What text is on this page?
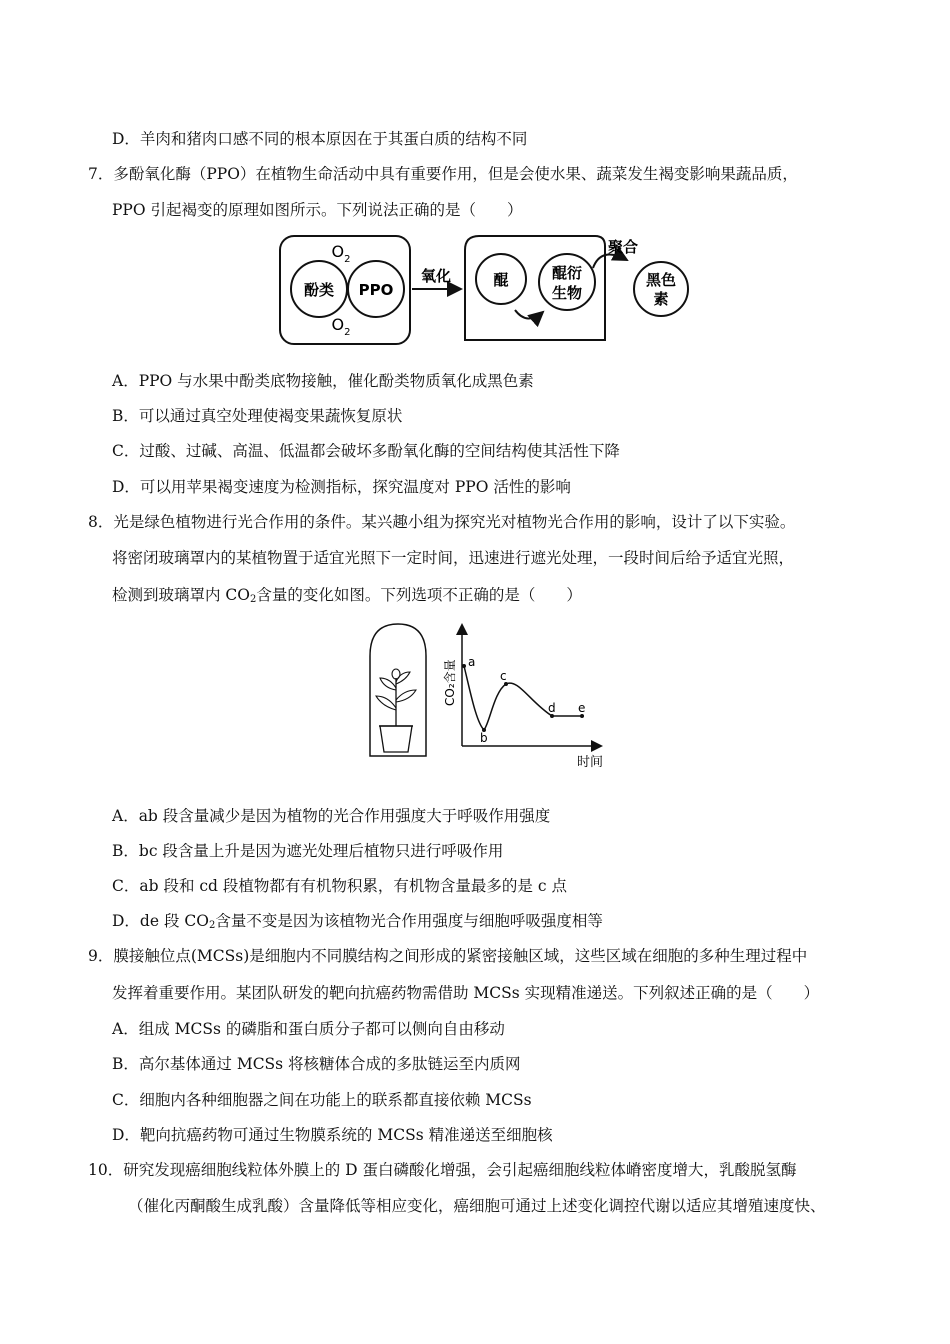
D．羊肉和猪肉口感不同的根本原因在于其蛋白质的结构不同
7．多酚氧化酶（PPO）在植物生命活动中具有重要作用，但是会使水果、蔬菜发生褐变影响果蔬品质，
PPO 引起褐变的原理如图所示。下列说法正确的是（　　）
酚类 PPO
$O_2$
$O_2$
氧化	醌	醌衍
生物
聚合
黑色
素
A．PPO 与水果中酚类底物接触，催化酚类物质氧化成黑色素
B．可以通过真空处理使褐变果蔬恢复原状
C．过酸、过碱、高温、低温都会破坏多酚氧化酶的空间结构使其活性下降
D．可以用苹果褐变速度为检测指标，探究温度对 PPO 活性的影响
8．光是绿色植物进行光合作用的条件。某兴趣小组为探究光对植物光合作用的影响，设计了以下实验。
将密闭玻璃罩内的某植物置于适宜光照下一定时间，迅速进行遮光处理，一段时间后给予适宜光照，
检测到玻璃罩内 $CO_2$含量的变化如图。下列选项不正确的是（　　）
CO₂含量
时间
a
b
c
d e
A．ab 段含量减少是因为植物的光合作用强度大于呼吸作用强度
B．bc 段含量上升是因为遮光处理后植物只进行呼吸作用
C．ab 段和 cd 段植物都有有机物积累，有机物含量最多的是 c 点
D．de 段 $CO_2$含量不变是因为该植物光合作用强度与细胞呼吸强度相等
9．膜接触位点(MCSs)是细胞内不同膜结构之间形成的紧密接触区域，这些区域在细胞的多种生理过程中
发挥着重要作用。某团队研发的靶向抗癌药物需借助 MCSs 实现精准递送。下列叙述正确的是（　　）
A．组成 MCSs 的磷脂和蛋白质分子都可以侧向自由移动
B．高尔基体通过 MCSs 将核糖体合成的多肽链运至内质网
C．细胞内各种细胞器之间在功能上的联系都直接依赖 MCSs
D．靶向抗癌药物可通过生物膜系统的 MCSs 精准递送至细胞核
10．研究发现癌细胞线粒体外膜上的 D 蛋白磷酸化增强，会引起癌细胞线粒体嵴密度增大，乳酸脱氢酶
（催化丙酮酸生成乳酸）含量降低等相应变化，癌细胞可通过上述变化调控代谢以适应其增殖速度快、
